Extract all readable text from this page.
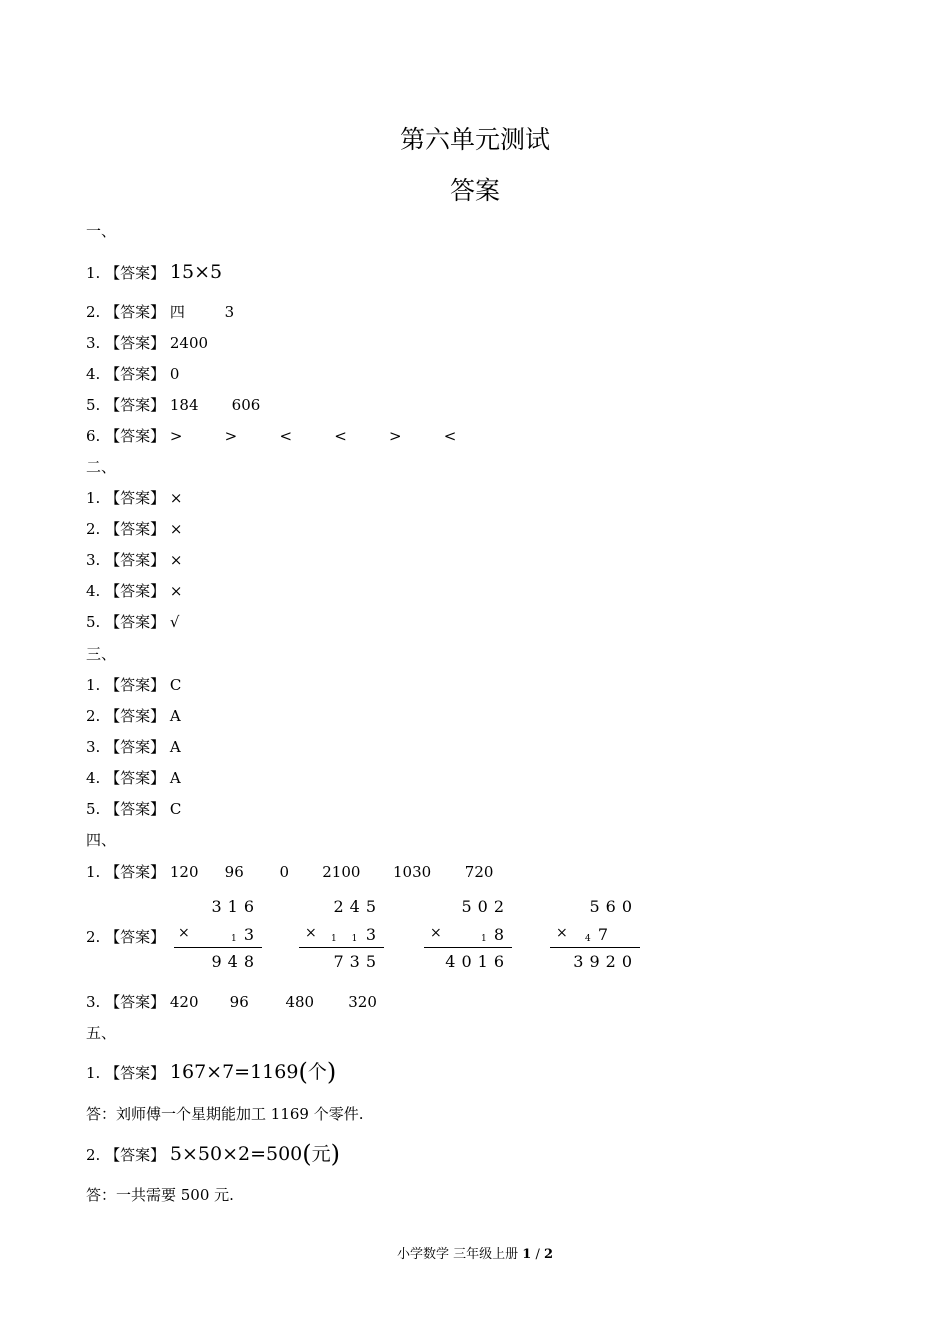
第六单元测试
答案
一、
1. 【答案】 15×5
2. 【答案】 四	3
3. 【答案】 2400
4. 【答案】 0
5. 【答案】 184 606
6. 【答案】 >	>	<	<	>	<
二、
1. 【答案】 ×
2. 【答案】 ×
3. 【答案】 ×
4. 【答案】 ×
5. 【答案】 √
三、
1. 【答案】 C
2. 【答案】 A
3. 【答案】 A
4. 【答案】 A
5. 【答案】 C
四、
1. 【答案】 120 96 0 2100 1030 720
2. 【答案】
316
×	1 3
948
245
× 1 1 3
735
502
×	1 8
4016
560
× 4 7
3920
3. 【答案】 420 96 480 320
五、
1. 【答案】 167×7=1169(个)
答：刘师傅一个星期能加工 1169 个零件.
2. 【答案】 5×50×2=500(元)
答：一共需要 500 元.
小学数学 三年级上册 1 / 2
